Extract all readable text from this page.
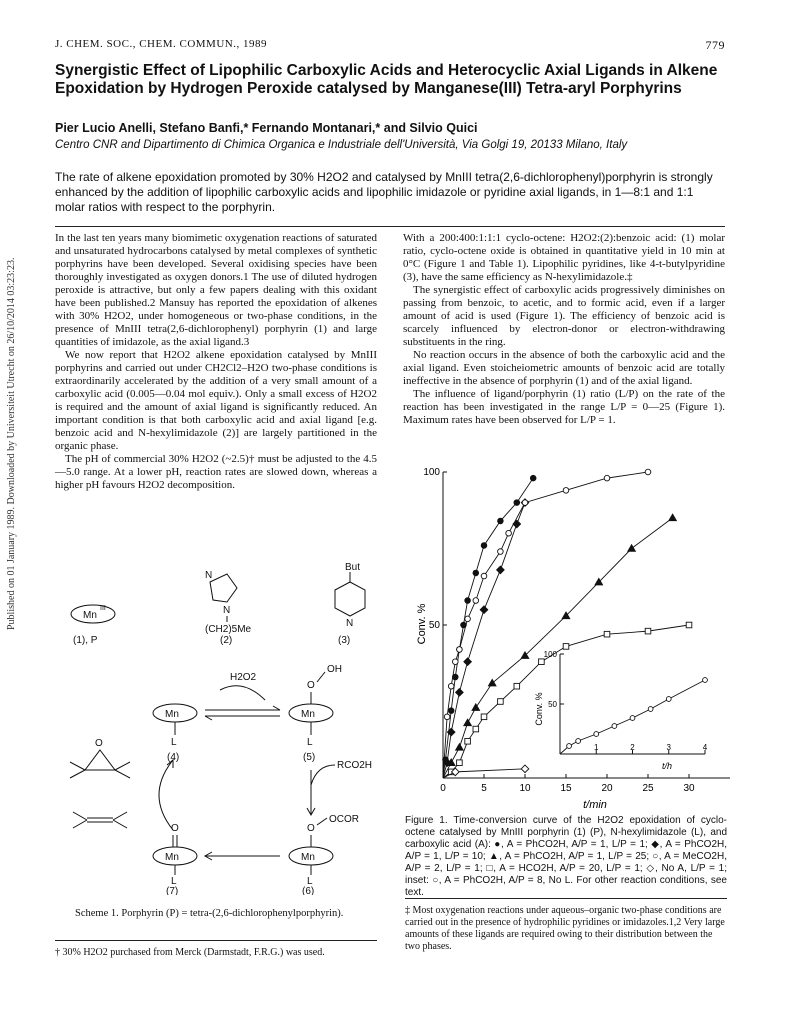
J. CHEM. SOC., CHEM. COMMUN., 1989	779
Synergistic Effect of Lipophilic Carboxylic Acids and Heterocyclic Axial Ligands in Alkene Epoxidation by Hydrogen Peroxide catalysed by Manganese(III) Tetra-aryl Porphyrins
Pier Lucio Anelli, Stefano Banfi,* Fernando Montanari,* and Silvio Quici
Centro CNR and Dipartimento di Chimica Organica e Industriale dell'Università, Via Golgi 19, 20133 Milano, Italy
The rate of alkene epoxidation promoted by 30% H2O2 and catalysed by MnIII tetra(2,6-dichlorophenyl)porphyrin is strongly enhanced by the addition of lipophilic carboxylic acids and lipophilic imidazole or pyridine axial ligands, in 1—8:1 and 1:1 molar ratios with respect to the porphyrin.
Published on 01 January 1989. Downloaded by Universiteit Utrecht on 26/10/2014 03:23:23.

In the last ten years many biomimetic oxygenation reactions of saturated and unsaturated hydrocarbons catalysed by metal complexes of synthetic porphyrins have been developed. Several oxidising species have been thoroughly investigated as oxygen donors.1 The use of diluted hydrogen peroxide is attractive, but only a few papers dealing with this oxidant have been published.2 Mansuy has reported the epoxidation of alkenes with 30% H2O2, under homogeneous or two-phase conditions, in the presence of MnIII tetra(2,6-dichlorophenyl) porphyrin (1) and large quantities of imidazole, as the axial ligand.3

We now report that H2O2 alkene epoxidation catalysed by MnIII porphyrins and carried out under CH2Cl2–H2O two-phase conditions is extraordinarily accelerated by the addition of a very small amount of a carboxylic acid (0.005—0.04 mol equiv.). Only a small excess of H2O2 is required and the amount of axial ligand is significantly reduced. An important condition is that both carboxylic acid and axial ligand [e.g. benzoic acid and N-hexylimidazole (2)] are largely partitioned in the organic phase.

The pH of commercial 30% H2O2 (~2.5)† must be adjusted to the 4.5—5.0 range. At a lower pH, reaction rates are slowed down, whereas a higher pH favours H2O2 decomposition.

With a 200:400:1:1:1 cyclo-octene: H2O2:(2):benzoic acid: (1) molar ratio, cyclo-octene oxide is obtained in quantitative yield in 10 min at 0°C (Figure 1 and Table 1). Lipophilic pyridines, like 4-t-butylpyridine (3), have the same efficiency as N-hexylimidazole.‡

The synergistic effect of carboxylic acids progressively diminishes on passing from benzoic, to acetic, and to formic acid, even if a larger amount of acid is used (Figure 1). The efficiency of benzoic acid is scarcely influenced by electron-donor or electron-withdrawing substituents in the ring.

No reaction occurs in the absence of both the carboxylic acid and the axial ligand. Even stoicheiometric amounts of benzoic acid are totally ineffective in the absence of porphyrin (1) and of the axial ligand.

The influence of ligand/porphyrin (1) ratio (L/P) on the rate of the reaction has been investigated in the range L/P = 0—25 (Figure 1). Maximum rates have been observed for L/P = 1.

Mn
III
(1), P
N
N
(CH2)5Me
(2)
But
N
(3)
Mn
L
(4)
H2O2
Mn
O
OH
L
(5)
RCO2H
Mn
O
OCOR
L
(6)
Mn
O
L
(7)
O
Scheme 1. Porphyrin (P) = tetra-(2,6-dichlorophenylporphyrin).
† 30% H2O2 purchased from Merck (Darmstadt, F.R.G.) was used.
0	5	10	15	20	25	30
50
100
t/min
Conv. %
1	2	3	4
50
100
t/h
Conv. %
Figure 1. Time-conversion curve of the H2O2 epoxidation of cyclo-octene catalysed by MnIII porphyrin (1) (P), N-hexylimidazole (L), and carboxylic acid (A): ●, A = PhCO2H, A/P = 1, L/P = 1; ◆, A = PhCO2H, A/P = 1, L/P = 10; ▲, A = PhCO2H, A/P = 1, L/P = 25; ○, A = MeCO2H, A/P = 2, L/P = 1; □, A = HCO2H, A/P = 20, L/P = 1; ◇, No A, L/P = 1; inset: ○, A = PhCO2H, A/P = 8, No L. For other reaction conditions, see text.
‡ Most oxygenation reactions under aqueous–organic two-phase conditions are carried out in the presence of hydrophilic pyridines or imidazoles.1,2 Very large amounts of these ligands are required owing to their distribution between the two phases.
